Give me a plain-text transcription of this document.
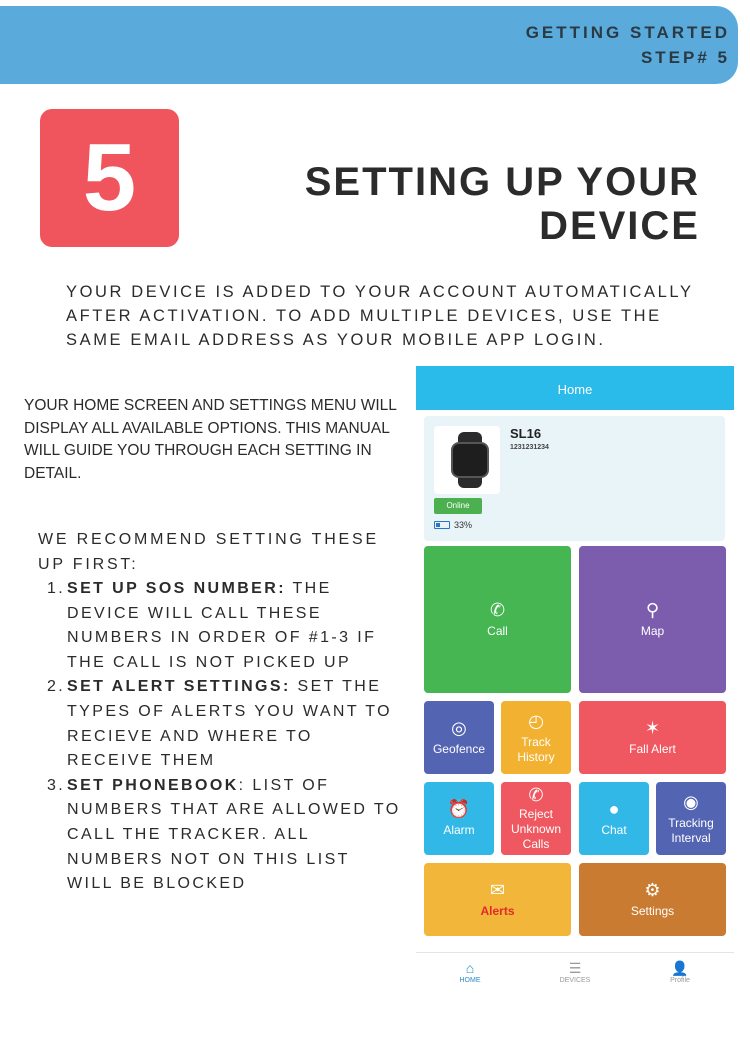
GETTING STARTED
STEP# 5
5	SETTING UP YOUR
DEVICE

YOUR DEVICE IS ADDED TO YOUR ACCOUNT AUTOMATICALLY AFTER ACTIVATION. TO ADD MULTIPLE DEVICES, USE THE SAME EMAIL ADDRESS AS YOUR MOBILE APP LOGIN.

YOUR HOME SCREEN AND SETTINGS MENU WILL DISPLAY ALL AVAILABLE OPTIONS. THIS MANUAL WILL GUIDE YOU THROUGH EACH SETTING IN DETAIL.

WE RECOMMEND SETTING THESE UP FIRST:

1. SET UP SOS NUMBER: THE DEVICE WILL CALL THESE NUMBERS IN ORDER OF #1-3 IF THE CALL IS NOT PICKED UP
2. SET ALERT SETTINGS: SET THE TYPES OF ALERTS YOU WANT TO RECIEVE AND WHERE TO RECEIVE THEM
3. SET PHONEBOOK: LIST OF NUMBERS THAT ARE ALLOWED TO CALL THE TRACKER. ALL NUMBERS NOT ON THIS LIST WILL BE BLOCKED
Home
SL16
1231231234
Online
33%
✆
Call
⚲
Map
◎
Geofence
◴
Track History
✶
Fall Alert
⏰
Alarm
✆
Reject Unknown Calls
●
Chat
◉
Tracking Interval
✉
Alerts
⚙
Settings
⌂
HOME
☰
DEVICES
👤
Profile
